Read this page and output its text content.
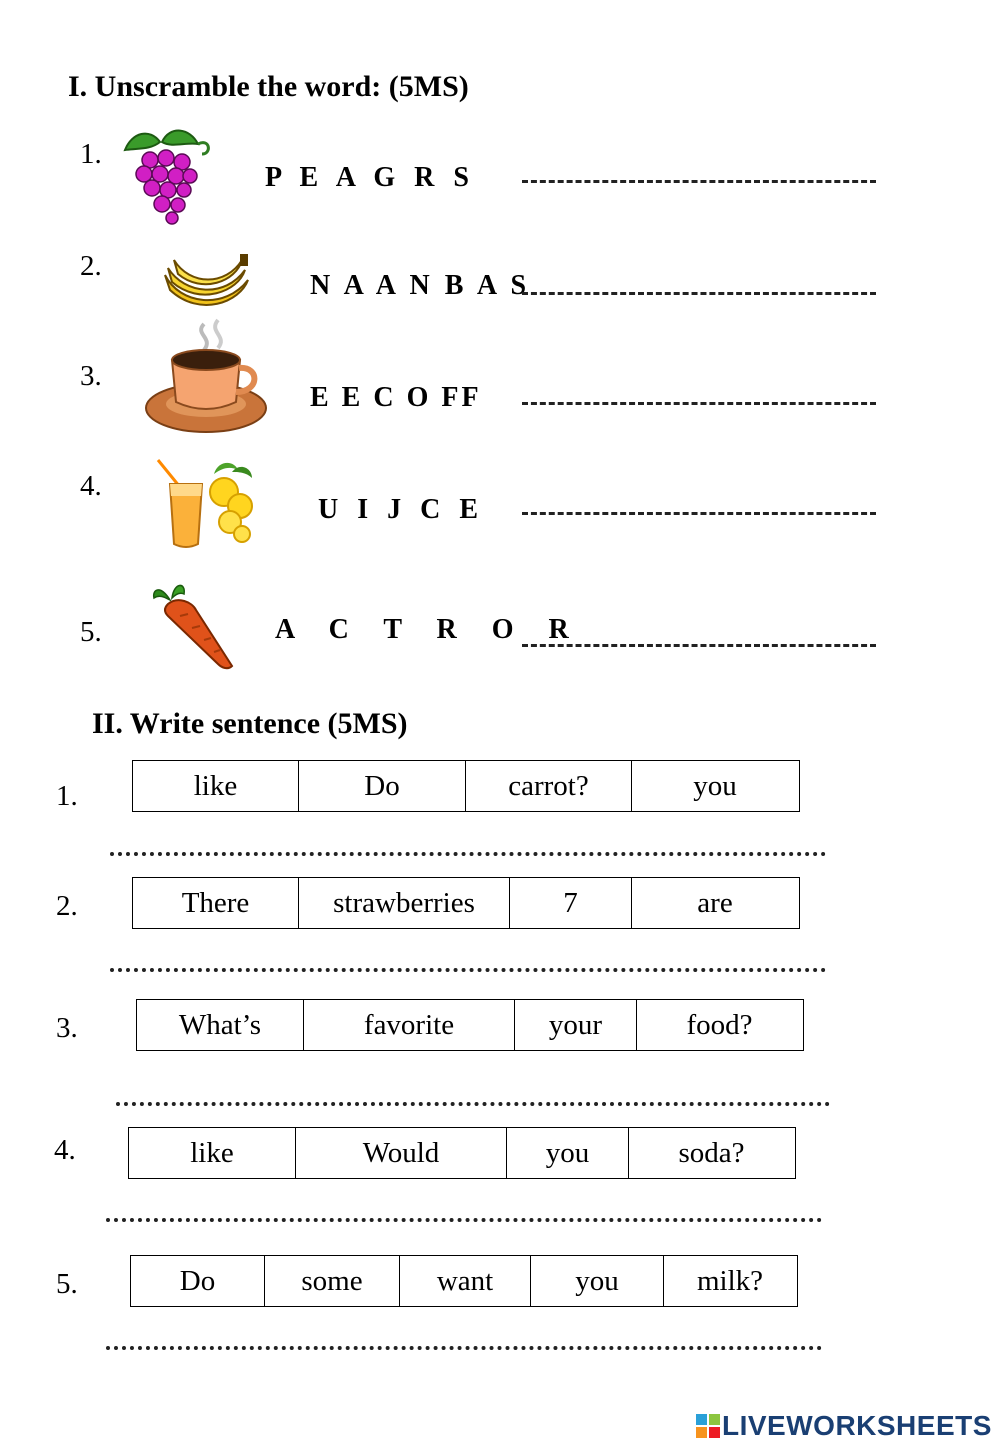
I. Unscramble the word: (5MS)
1.
P E A G R S
2.
N A A N B A S
3.
E E C O FF
4.
U I J C E
5.	A C T R O R
II. Write sentence (5MS)
1.	like	Do	carrot?	you
2.	There	strawberries	7	are
3.	What’s	favorite	your	food?
4.	like	Would	you	soda?
5.	Do	some	want	you	milk?
LIVEWORKSHEETS
